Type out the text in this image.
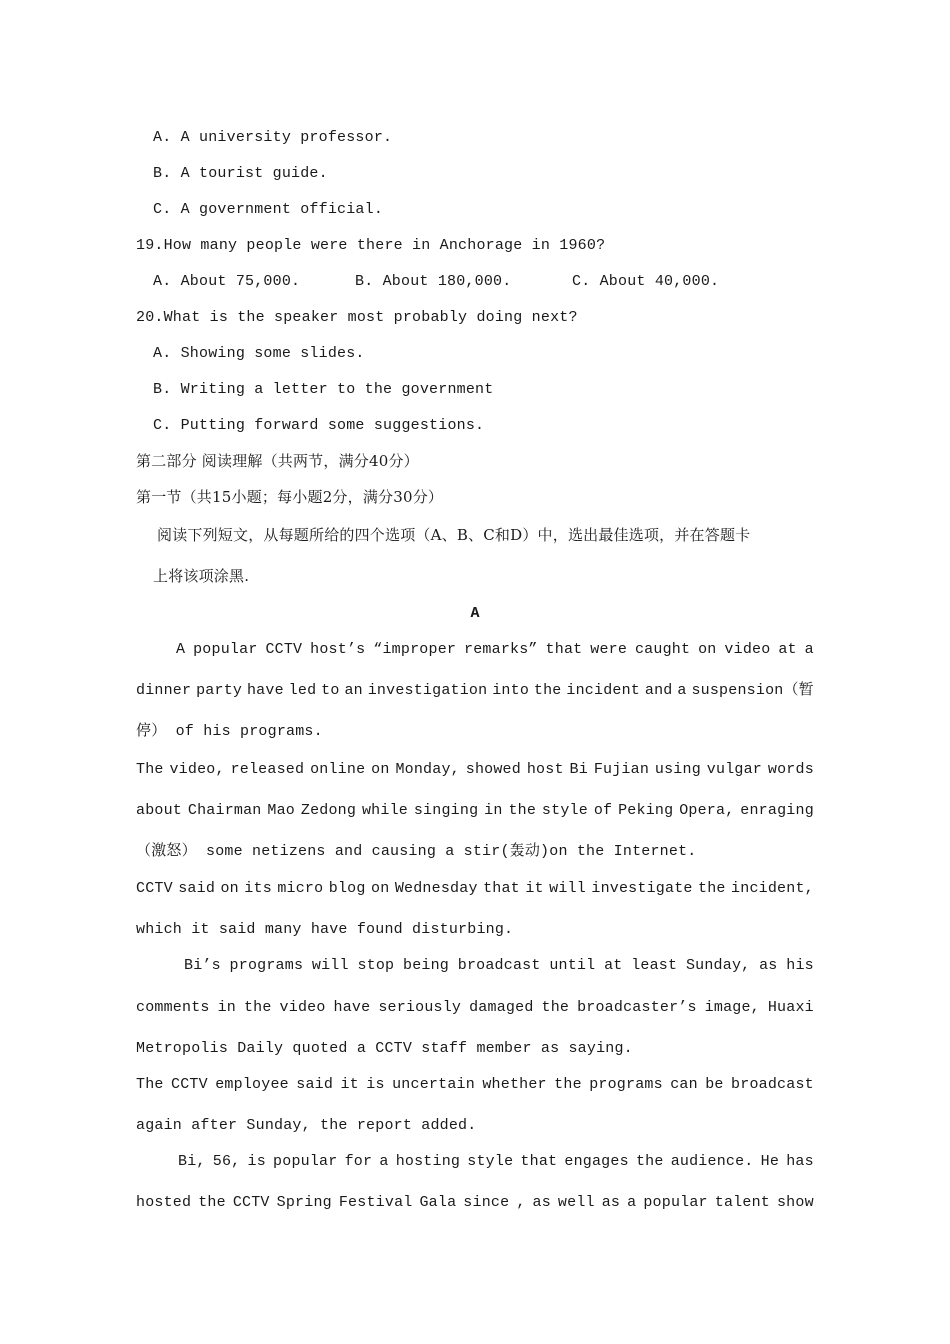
A. A university professor.
B. A tourist guide.
C. A government official.
19.How many people were there in Anchorage in 1960?
A. About 75,000.	B. About 180,000.	C. About 40,000.
20.What is the speaker most probably doing next?
A. Showing some slides.
B. Writing a letter to the government
C. Putting forward some suggestions.
第二部分 阅读理解（共两节，满分40分）
第一节（共15小题；每小题2分，满分30分）
阅读下列短文，从每题所给的四个选项（A、B、C和D）中，选出最佳选项，并在答题卡
上将该项涂黑.
A
A popular CCTV host’s “improper remarks” that were caught on video at a
dinner party have led to an investigation into the incident and a suspension（暂
停） of his programs.
The video, released online on Monday, showed host Bi Fujian using vulgar words
about Chairman Mao Zedong while singing in the style of Peking Opera, enraging
（激怒） some netizens and causing a stir(轰动)on the Internet.
CCTV said on its micro blog on Wednesday that it will investigate the incident,
which it said many have found disturbing.
Bi’s programs will stop being broadcast until at least Sunday, as his
comments in the video have seriously damaged the broadcaster’s image, Huaxi
Metropolis Daily quoted a CCTV staff member as saying.
The CCTV employee said it is uncertain whether the programs can be broadcast
again after Sunday, the report added.
Bi, 56, is popular for a hosting style that engages the audience. He has
hosted the CCTV Spring Festival Gala since , as well as a popular talent show
